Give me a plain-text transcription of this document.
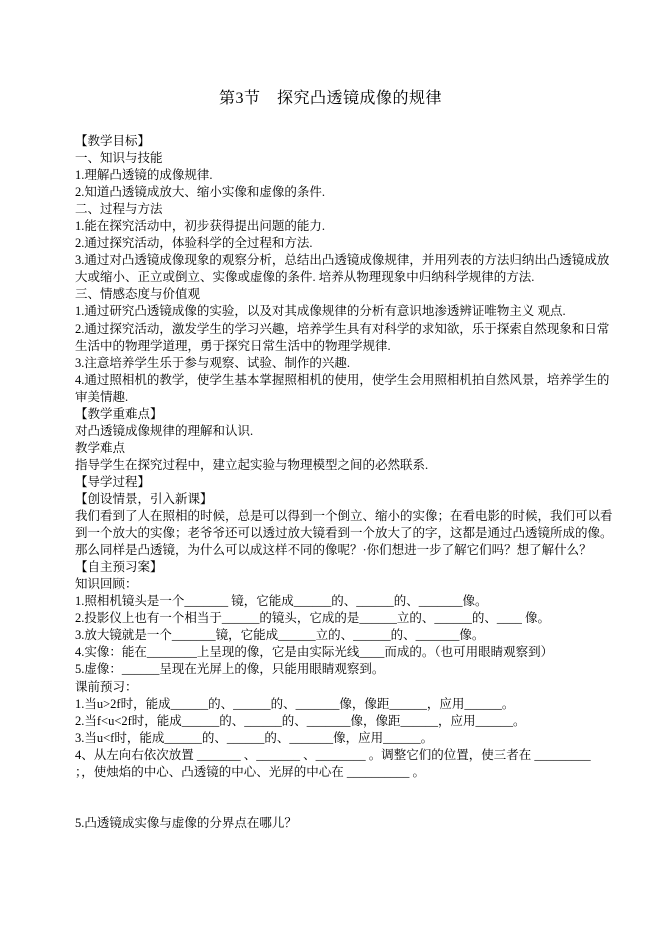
第3节　探究凸透镜成像的规律
【教学目标】
一、知识与技能
1.理解凸透镜的成像规律.
2.知道凸透镜成放大、缩小实像和虚像的条件.
二、过程与方法
1.能在探究活动中，初步获得提出问题的能力.
2.通过探究活动，体验科学的全过程和方法.
3.通过对凸透镜成像现象的观察分析，总结出凸透镜成像规律，并用列表的方法归纳出凸透镜成放
大或缩小、正立或倒立、实像或虚像的条件. 培养从物理现象中归纳科学规律的方法.
三、情感态度与价值观
1.通过研究凸透镜成像的实验，以及对其成像规律的分析有意识地渗透辨证唯物主义 观点.
2.通过探究活动，激发学生的学习兴趣，培养学生具有对科学的求知欲，乐于探索自然现象和日常
生活中的物理学道理，勇于探究日常生活中的物理学规律.
3.注意培养学生乐于参与观察、试验、制作的兴趣.
4.通过照相机的教学，使学生基本掌握照相机的使用，使学生会用照相机拍自然风景，培养学生的
审美情趣.
【教学重难点】
对凸透镜成像规律的理解和认识.
教学难点
指导学生在探究过程中，建立起实验与物理模型之间的必然联系.
【导学过程】
【创设情景，引入新课】
我们看到了人在照相的时候，总是可以得到一个倒立、缩小的实像；在看电影的时候，我们可以看
到一个放大的实像；老爷爷还可以透过放大镜看到一个放大了的字，这都是通过凸透镜所成的像。
那么同样是凸透镜，为什么可以成这样不同的像呢？·你们想进一步了解它们吗？想了解什么？
【自主预习案】
知识回顾：
1.照相机镜头是一个_______ 镜，它能成______的、______的、_______像。
2.投影仪上也有一个相当于______的镜头，它成的是______立的、______的、____ 像。
3.放大镜就是一个_______镜，它能成______立的、______的、_______像。
4.实像：能在________上呈现的像，它是由实际光线____而成的。（也可用眼睛观察到）
5.虚像：______呈现在光屏上的像，只能用眼睛观察到。
课前预习：
1.当u>2f时，能成______的、______的、_______像，像距______，应用______。
2.当f<u<2f时，能成______的、______的、_______像，像距______，应用______。
3.当u<f时，能成______的、______的、_______像，应用______。
4、从左向右依次放置 _______ 、_______ 、________ 。调整它们的位置，使三者在 _________
；，使烛焰的中心、凸透镜的中心、光屏的中心在 __________ 。
5.凸透镜成实像与虚像的分界点在哪儿？
